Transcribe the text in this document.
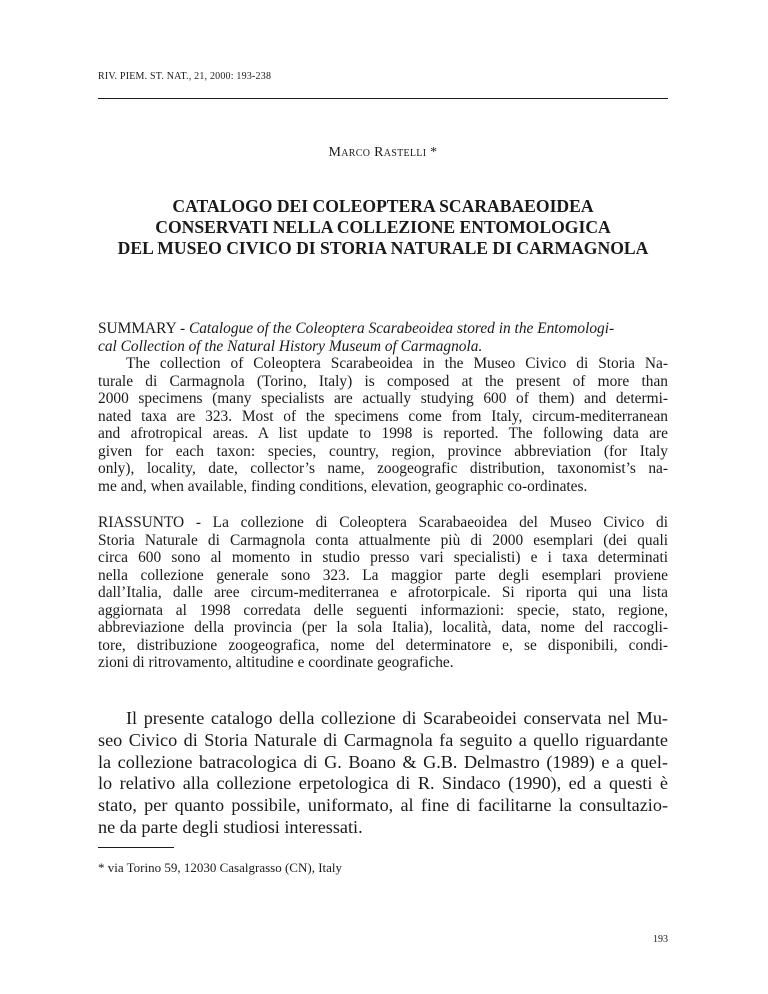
RIV. PIEM. ST. NAT., 21, 2000: 193-238
Marco Rastelli *
CATALOGO DEI COLEOPTERA SCARABAEOIDEA
CONSERVATI NELLA COLLEZIONE ENTOMOLOGICA
DEL MUSEO CIVICO DI STORIA NATURALE DI CARMAGNOLA
SUMMARY - Catalogue of the Coleoptera Scarabeoidea stored in the Entomologi-
cal Collection of the Natural History Museum of Carmagnola.
The collection of Coleoptera Scarabeoidea in the Museo Civico di Storia Na-
turale di Carmagnola (Torino, Italy) is composed at the present of more than
2000 specimens (many specialists are actually studying 600 of them) and determi-
nated taxa are 323. Most of the specimens come from Italy, circum-mediterranean
and afrotropical areas. A list update to 1998 is reported. The following data are
given for each taxon: species, country, region, province abbreviation (for Italy
only), locality, date, collector’s name, zoogeografic distribution, taxonomist’s na-
me and, when available, finding conditions, elevation, geographic co-ordinates.
RIASSUNTO - La collezione di Coleoptera Scarabaeoidea del Museo Civico di
Storia Naturale di Carmagnola conta attualmente più di 2000 esemplari (dei quali
circa 600 sono al momento in studio presso vari specialisti) e i taxa determinati
nella collezione generale sono 323. La maggior parte degli esemplari proviene
dall’Italia, dalle aree circum-mediterranea e afrotorpicale. Si riporta qui una lista
aggiornata al 1998 corredata delle seguenti informazioni: specie, stato, regione,
abbreviazione della provincia (per la sola Italia), località, data, nome del raccogli-
tore, distribuzione zoogeografica, nome del determinatore e, se disponibili, condi-
zioni di ritrovamento, altitudine e coordinate geografiche.
Il presente catalogo della collezione di Scarabeoidei conservata nel Mu-
seo Civico di Storia Naturale di Carmagnola fa seguito a quello riguardante
la collezione batracologica di G. Boano & G.B. Delmastro (1989) e a quel-
lo relativo alla collezione erpetologica di R. Sindaco (1990), ed a questi è
stato, per quanto possibile, uniformato, al fine di facilitarne la consultazio-
ne da parte degli studiosi interessati.
* via Torino 59, 12030 Casalgrasso (CN), Italy
193
